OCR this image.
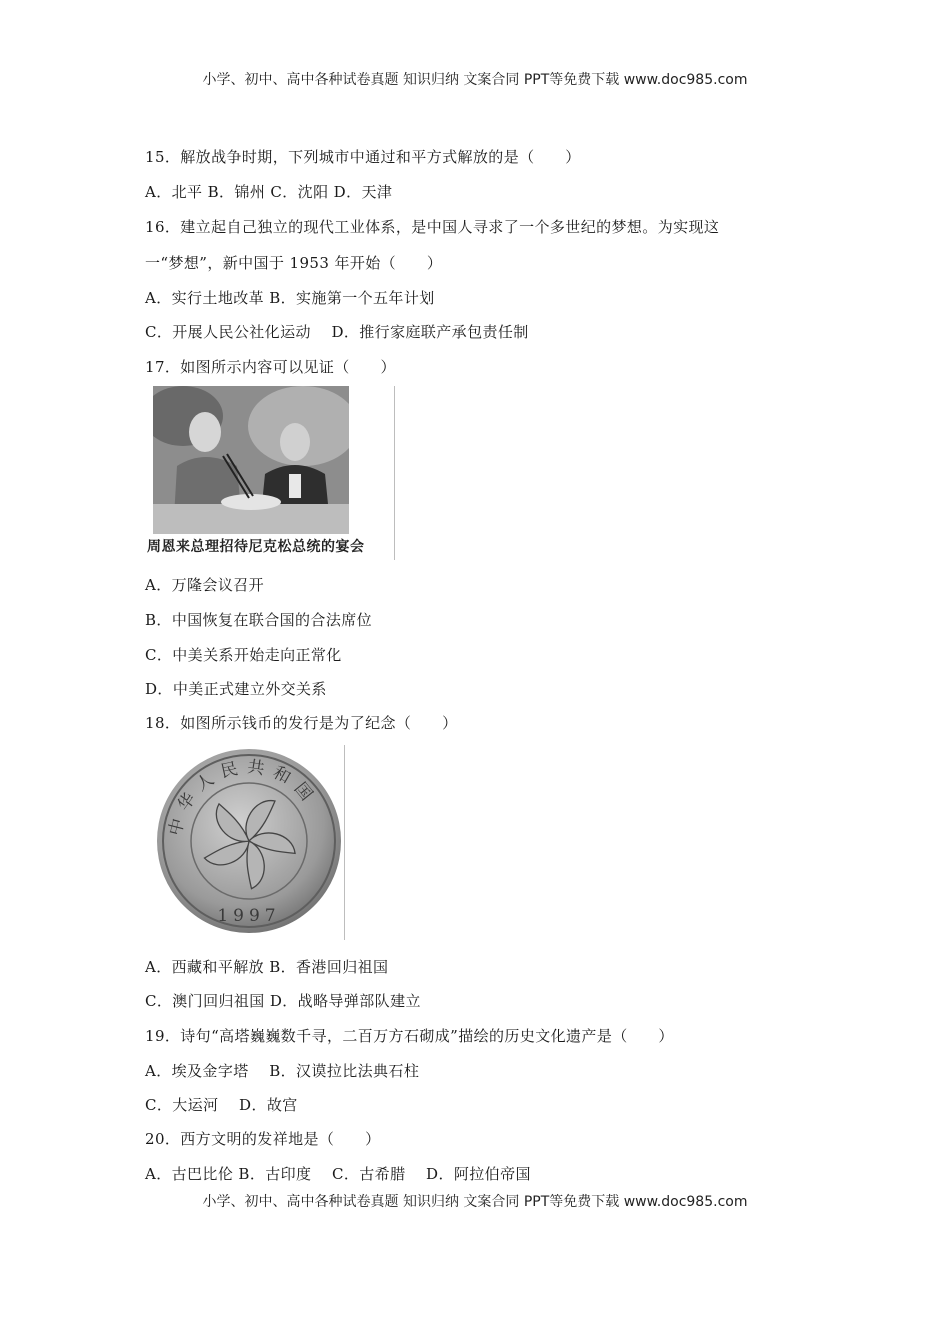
小学、初中、高中各种试卷真题 知识归纳 文案合同 PPT等免费下载 www.doc985.com
15．解放战争时期，下列城市中通过和平方式解放的是（　　）
A．北平 B．锦州 C．沈阳 D．天津
16．建立起自己独立的现代工业体系，是中国人寻求了一个多世纪的梦想。为实现这
一“梦想”，新中国于 1953 年开始（　　）
A．实行土地改革 B．实施第一个五年计划
C．开展人民公社化运动　 D．推行家庭联产承包责任制
17．如图所示内容可以见证（　　）
周恩来总理招待尼克松总统的宴会
A．万隆会议召开
B．中国恢复在联合国的合法席位
C．中美关系开始走向正常化
D．中美正式建立外交关系
18．如图所示钱币的发行是为了纪念（　　）
中华人民共和国
1997
A．西藏和平解放 B．香港回归祖国
C．澳门回归祖国 D．战略导弹部队建立
19．诗句“高塔巍巍数千寻，二百万方石砌成”描绘的历史文化遗产是（　　）
A．埃及金字塔　 B．汉谟拉比法典石柱
C．大运河　 D．故宫
20．西方文明的发祥地是（　　）
A．古巴比伦 B．古印度　 C．古希腊　 D．阿拉伯帝国
小学、初中、高中各种试卷真题 知识归纳 文案合同 PPT等免费下载 www.doc985.com
